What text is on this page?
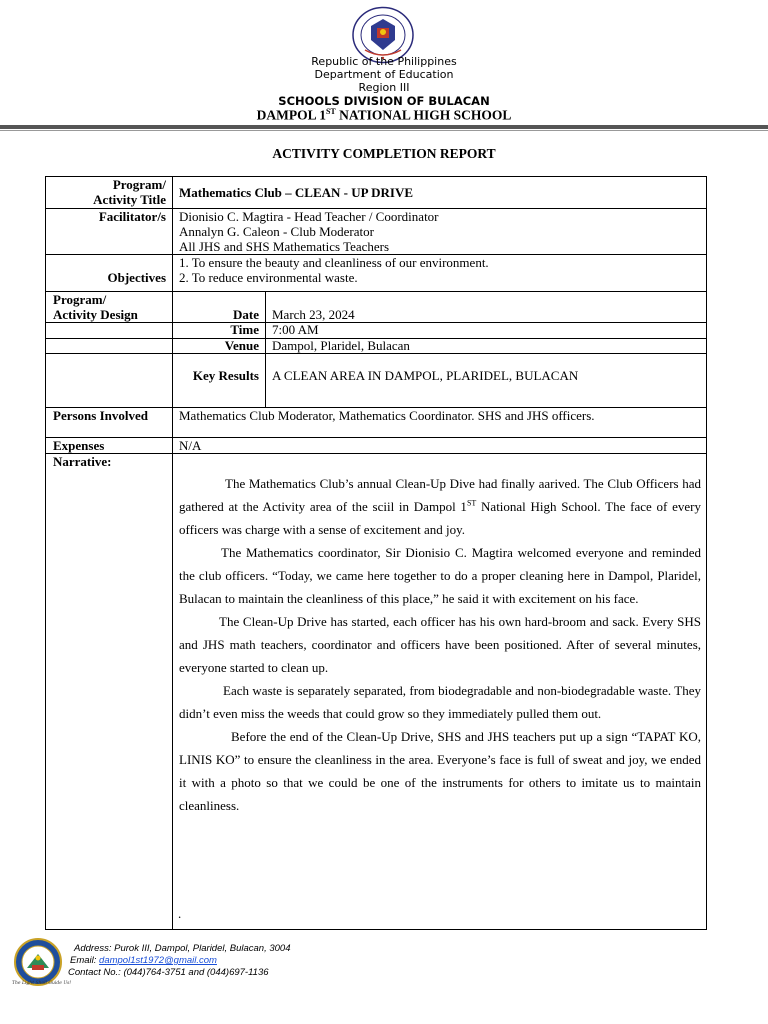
Republic of the Philippines
Department of Education
Region III
SCHOOLS DIVISION OF BULACAN
DAMPOL 1ST NATIONAL HIGH SCHOOL
ACTIVITY COMPLETION REPORT
Program/
Activity Title Mathematics Club – CLEAN - UP DRIVE
Facilitator/s Dionisio C. Magtira - Head Teacher / Coordinator
Annalyn G. Caleon - Club Moderator
All JHS and SHS Mathematics Teachers
Objectives
1. To ensure the beauty and cleanliness of our environment.
2. To reduce environmental waste.
Program/
Activity Design	Date March 23, 2024
Time 7:00 AM
Venue Dampol, Plaridel, Bulacan
Key Results A CLEAN AREA IN DAMPOL, PLARIDEL, BULACAN
Persons Involved Mathematics Club Moderator, Mathematics Coordinator. SHS and JHS officers.
Expenses	N/A
Narrative:

The Mathematics Club’s annual Clean-Up Dive had finally aarived. The Club Officers had gathered at the Activity area of the sciil in Dampol 1ST National High School. The face of every officers was charge with a sense of excitement and joy.

The Mathematics coordinator, Sir Dionisio C. Magtira welcomed everyone and reminded the club officers. “Today, we came here together to do a proper cleaning here in Dampol, Plaridel, Bulacan to maintain the cleanliness of this place,” he said it with excitement on his face.

The Clean-Up Drive has started, each officer has his own hard-broom and sack. Every SHS and JHS math teachers, coordinator and officers have been positioned. After of several minutes, everyone started to clean up.

Each waste is separately separated, from biodegradable and non-biodegradable waste. They didn’t even miss the weeds that could grow so they immediately pulled them out.

Before the end of the Clean-Up Drive, SHS and JHS teachers put up a sign “TAPAT KO, LINIS KO” to ensure the cleanliness in the area. Everyone’s face is full of sweat and joy, we ended it with a photo so that we could be one of the instruments for others to imitate us to maintain cleanliness.

.
The Light Shall Guide Us!
Address: Purok III, Dampol, Plaridel, Bulacan, 3004
Email: dampol1st1972@gmail.com
Contact No.: (044)764-3751 and (044)697-1136
